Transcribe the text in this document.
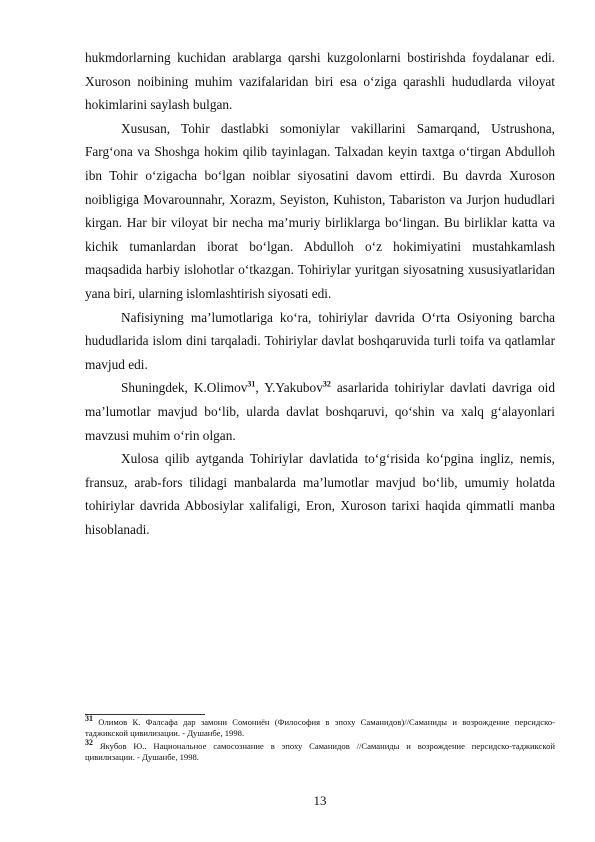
hukmdorlarning kuchidan arablarga qarshi kuzgolonlarni bostirishda foydalanar edi. Xuroson noibining muhim vazifalaridan biri esa o‘ziga qarashli hududlarda viloyat hokimlarini saylash bulgan.

Xususan, Tohir dastlabki somoniylar vakillarini Samarqand, Ustrushona, Farg‘ona va Shoshga hokim qilib tayinlagan. Talxadan keyin taxtga o‘tirgan Abdulloh ibn Tohir o‘zigacha bo‘lgan noiblar siyosatini davom ettirdi. Bu davrda Xuroson noibligiga Movarounnahr, Xorazm, Seyiston, Kuhiston, Tabariston va Jurjon hududlari kirgan. Har bir viloyat bir necha ma’muriy birliklarga bo‘lingan. Bu birliklar katta va kichik tumanlardan iborat bo‘lgan. Abdulloh o‘z hokimiyatini mustahkamlash maqsadida harbiy islohotlar o‘tkazgan. Tohiriylar yuritgan siyosatning xususiyatlaridan yana biri, ularning islomlashtirish siyosati edi.

Nafisiyning ma’lumotlariga ko‘ra, tohiriylar davrida O‘rta Osiyoning barcha hududlarida islom dini tarqaladi. Tohiriylar davlat boshqaruvida turli toifa va qatlamlar mavjud edi.

Shuningdek, K.Olimov$^{31}$, Y.Yakubov$^{32}$ asarlarida tohiriylar davlati davriga oid ma’lumotlar mavjud bo‘lib, ularda davlat boshqaruvi, qo‘shin va xalq g‘alayonlari mavzusi muhim o‘rin olgan.

Xulosa qilib aytganda Tohiriylar davlatida to‘g‘risida ko‘pgina ingliz, nemis, fransuz, arab-fors tilidagi manbalarda ma’lumotlar mavjud bo‘lib, umumiy holatda tohiriylar davrida Abbosiylar xalifaligi, Eron, Xuroson tarixi haqida qimmatli manba hisoblanadi.

31 Олимов К. Фалсафа дар замони Сомониён (Философия в эпоху Саманидов)//Саманиды и возрождение персидско-таджикской цивилизации. - Душанбе, 1998.

32 Якубов Ю.. Национальное самосознание в эпоху Саманидов //Саманиды и возрождение персидско-таджикской цивилизации. - Душанбе, 1998.

13
